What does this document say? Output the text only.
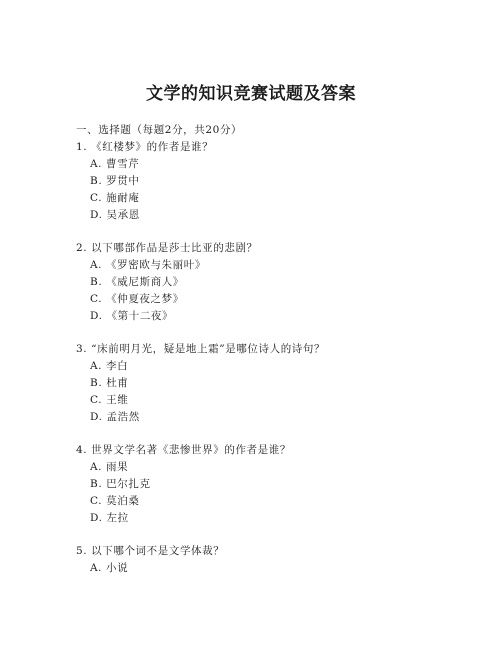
文学的知识竞赛试题及答案
一、选择题（每题2分，共20分）
1. 《红楼梦》的作者是谁？
A. 曹雪芹
B. 罗贯中
C. 施耐庵
D. 吴承恩
2. 以下哪部作品是莎士比亚的悲剧？
A. 《罗密欧与朱丽叶》
B. 《威尼斯商人》
C. 《仲夏夜之梦》
D. 《第十二夜》
3. “床前明月光，疑是地上霜”是哪位诗人的诗句？
A. 李白
B. 杜甫
C. 王维
D. 孟浩然
4. 世界文学名著《悲惨世界》的作者是谁？
A. 雨果
B. 巴尔扎克
C. 莫泊桑
D. 左拉
5. 以下哪个词不是文学体裁？
A. 小说
